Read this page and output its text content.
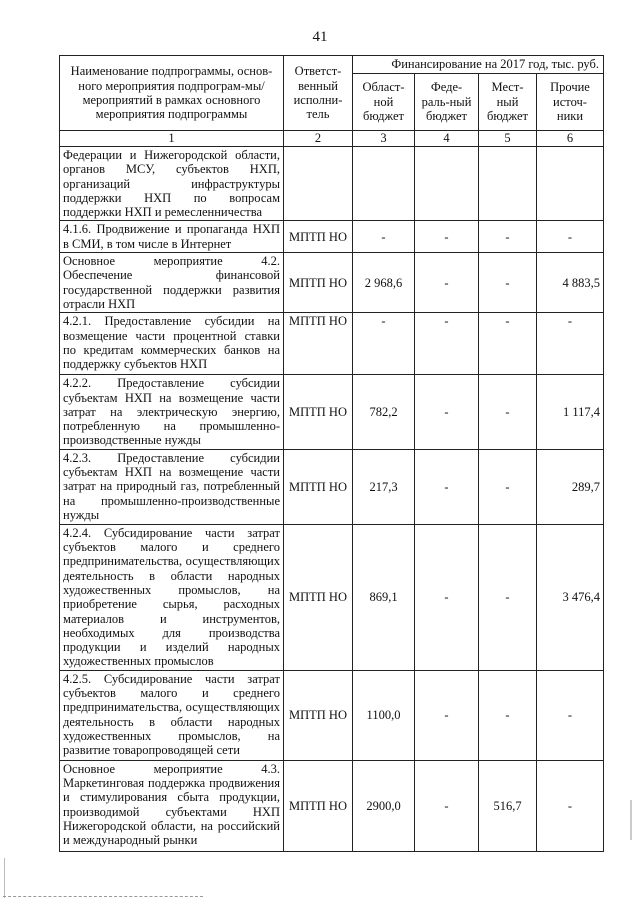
41
Наименование подпрограммы, основ-ного мероприятия подпрограм-мы/мероприятий в рамках основного мероприятия подпрограммы	Ответст-венный исполни-тель	Финансирование на 2017 год, тыс. руб.			
		Област-ной бюджет	Феде-раль-ный бюджет	Мест-ный бюджет	Прочие источ-ники
1	2	3	4	5	6
Федерации и Нижегородской области, органов МСУ, субъектов НХП, организаций инфраструктуры поддержки НХП по вопросам поддержки НХП и ремесленничества					
4.1.6. Продвижение и пропаганда НХП в СМИ, в том числе в Интернет	МПТП НО	-	-	-	-
Основное мероприятие 4.2. Обеспечение финансовой государственной поддержки развития отрасли НХП	МПТП НО	2 968,6	-	-	4 883,5
4.2.1. Предоставление субсидии на возмещение части процентной ставки по кредитам коммерческих банков на поддержку субъектов НХП	МПТП НО	-	-	-	-
4.2.2. Предоставление субсидии субъектам НХП на возмещение части затрат на электрическую энергию, потребленную на промышленно-производственные нужды	МПТП НО	782,2	-	-	1 117,4
4.2.3. Предоставление субсидии субъектам НХП на возмещение части затрат на природный газ, потребленный на промышленно-производственные нужды	МПТП НО	217,3	-	-	289,7
4.2.4. Субсидирование части затрат субъектов малого и среднего предпринимательства, осуществляющих деятельность в области народных художественных промыслов, на приобретение сырья, расходных материалов и инструментов, необходимых для производства продукции и изделий народных художественных промыслов	МПТП НО	869,1	-	-	3 476,4
4.2.5. Субсидирование части затрат субъектов малого и среднего предпринимательства, осуществляющих деятельность в области народных художественных промыслов, на развитие товаропроводящей сети	МПТП НО	1100,0	-	-	-
Основное мероприятие 4.3. Маркетинговая поддержка продвижения и стимулирования сбыта продукции, производимой субъектами НХП Нижегородской области, на российский и международный рынки	МПТП НО	2900,0	-	516,7	-
